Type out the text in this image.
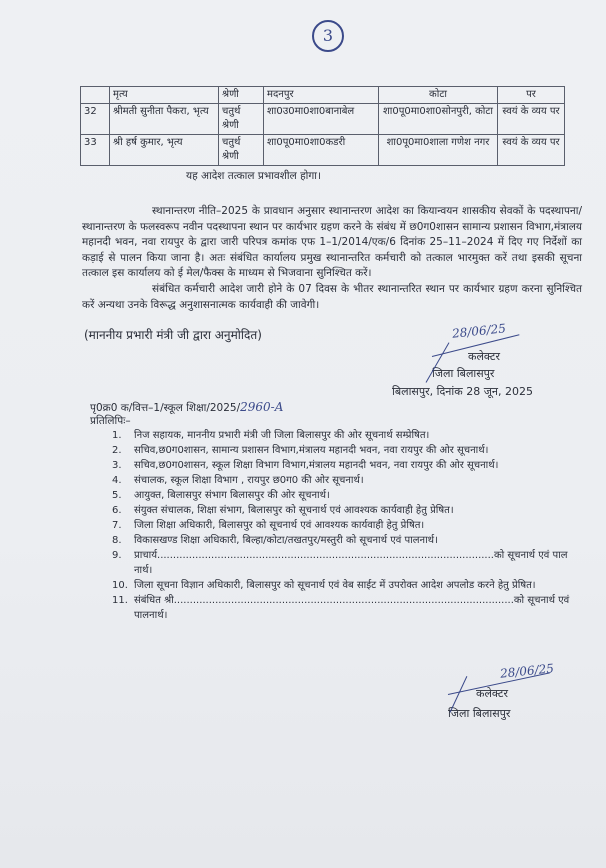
3
	मृत्य	श्रेणी	मदनपुर	कोटा	पर
32	श्रीमती सुनीता पैकरा, भृत्य	चतुर्थ श्रेणी	शा0उ0मा0शा0बानाबेल	शा0पू0मा0शा0सोनपुरी, कोटा	स्वयं के व्यय पर
33	श्री हर्ष कुमार, भृत्य	चतुर्थ श्रेणी	शा0पू0मा0शा0कडरी	शा0पू0मा0शाला गणेश नगर	स्वयं के व्यय पर
यह आदेश तत्काल प्रभावशील होगा।
स्थानान्तरण नीति–2025 के प्रावधान अनुसार स्थानान्तरण आदेश का कियान्वयन शासकीय सेवकों के पदस्थापना/स्थानान्तरण के फलस्वरूप नवीन पदस्थापना स्थान पर कार्यभार ग्रहण करने के संबंध में छ0ग0शासन सामान्य प्रशासन विभाग,मंत्रालय महानदी भवन, नवा रायपुर के द्वारा जारी परिपत्र कमांक एफ 1–1/2014/एक/6 दिनांक 25–11–2024 में दिए गए निर्देशों का कड़ाई से पालन किया जाना है। अतः संबंधित कार्यालय प्रमुख स्थानान्तरित कर्मचारी को तत्काल भारमुक्त करें तथा इसकी सूचना तत्काल इस कार्यालय को ई मेल/फैक्स के माध्यम से भिजवाना सुनिश्चित करें।
संबंधित कर्मचारी आदेश जारी होने के 07 दिवस के भीतर स्थानान्तरित स्थान पर कार्यभार ग्रहण करना सुनिश्चित करें अन्यथा उनके विरूद्ध अनुशासनात्मक कार्यवाही की जावेगी।
(माननीय प्रभारी मंत्री जी द्वारा अनुमोदित)	28/06/25
कलेक्टर
जिला बिलासपुर
बिलासपुर, दिनांक 28 जून, 2025
पृ0क्र0 क/वित्त–1/स्कूल शिक्षा/2025/2960-A
प्रतिलिपिः–
1.	निज सहायक, माननीय प्रभारी मंत्री जी जिला बिलासपुर की ओर सूचनार्थ सम्प्रेषित।
2.	सचिव,छ0ग0शासन, सामान्य प्रशासन विभाग,मंत्रालय महानदी भवन, नवा रायपुर की ओर सूचनार्थ।
3.	सचिव,छ0ग0शासन, स्कूल शिक्षा विभाग विभाग,मंत्रालय महानदी भवन, नवा रायपुर की ओर सूचनार्थ।
4.	संचालक, स्कूल शिक्षा विभाग , रायपुर छ0ग0 की ओर सूचनार्थ।
5.	आयुक्त, बिलासपुर संभाग बिलासपुर की ओर सूचनार्थ।
6.	संयुक्त संचालक, शिक्षा संभाग, बिलासपुर को सूचनार्थ एवं आवश्यक कार्यवाही हेतु प्रेषित।
7.	जिला शिक्षा अधिकारी, बिलासपुर को सूचनार्थ एवं आवश्यक कार्यवाही हेतु प्रेषित।
8.	विकासखण्ड शिक्षा अधिकारी, बिल्हा/कोटा/तखतपुर/मस्तुरी को सूचनार्थ एवं पालनार्थ।
9.	प्राचार्य..........................................................................................................को सूचनार्थ एवं पालनार्थ।
10. जिला सूचना विज्ञान अधिकारी, बिलासपुर को सूचनार्थ एवं वेब साईट में उपरोक्त आदेश अपलोड करने हेतु प्रेषित।
11. संबंधित श्री...........................................................................................................को सूचनार्थ एवं पालनार्थ।
28/06/25
कलेक्टर
जिला बिलासपुर
